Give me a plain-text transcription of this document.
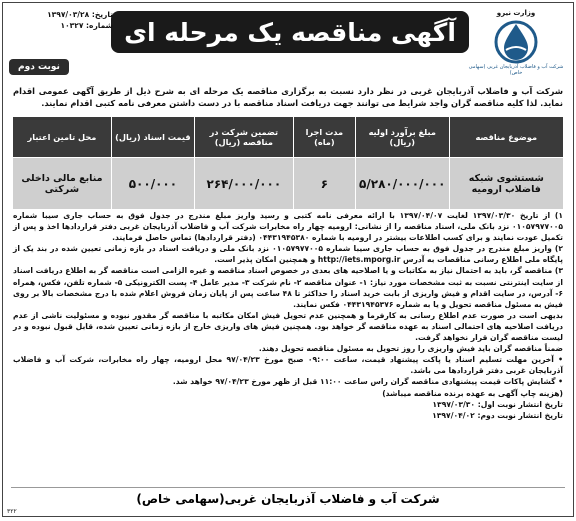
وزارت نیرو
شرکت آب و فاضلاب آذربایجان غربی (سهامی خاص)
آگهی مناقصه یک مرحله ای
تاریخ: ۱۳۹۷/۰۳/۲۸
شماره: ۱۰۳۲۷
نوبت دوم
شرکت آب و فاضلاب آذربایجان غربی در نظر دارد نسبت به برگزاری مناقصه یک مرحله ای به شرح ذیل از طریق آگهی عمومی اقدام نماید. لذا کلیه مناقصه گران واجد شرایط می توانند جهت دریافت اسناد مناقصه با در دست داشتن معرفی نامه کتبی اقدام نمایند.
موضوع مناقصه	مبلغ برآورد اولیه (ریال)	مدت اجرا (ماه)	تضمین شرکت در مناقصه (ریال)	قیمت اسناد (ریال)	محل تامین اعتبار
شستشوی شبکه فاضلاب ارومیه	۵/۲۸۰/۰۰۰/۰۰۰	۶	۲۶۴/۰۰۰/۰۰۰	۵۰۰/۰۰۰	منابع مالی داخلی شرکتی

۱) از تاریخ ۱۳۹۷/۰۳/۳۰ لغایت ۱۳۹۷/۰۴/۰۷ با ارائه معرفی نامه کتبی و رسید واریز مبلغ مندرج در جدول فوق به حساب جاری سیبا شماره ۰۱۰۵۷۹۷۷۰۰۵ نزد بانک ملی، اسناد مناقصه را از نشانی: ارومیه چهار راه مخابرات شرکت آب و فاضلاب آذربایجان غربی دفتر قراردادها اخذ و پس از تکمیل عودت نمایند و برای کسب اطلاعات بیشتر در ارومیه با شماره ۰۴۴۳۱۹۴۵۳۸۰ (دفتر قراردادها) تماس حاصل فرمایند.

۲) واریز مبلغ مندرج در جدول فوق به حساب جاری سیبا شماره ۰۱۰۵۷۹۷۷۰۰۵ نزد بانک ملی و دریافت اسناد در بازه زمانی تعیین شده در بند یک از پایگاه ملی اطلاع رسانی مناقصات به آدرس http://iets.mporg.ir و همچنین امکان پذیر است.

۳) مناقصه گر، باید به احتمال نیاز به مکاتبات و یا اصلاحیه های بعدی در خصوص اسناد مناقصه و غیره الزامی است مناقصه گر به اطلاع دریافت اسناد از سایت اینترنتی نسبت به ثبت مشخصات مورد نیاز: ۱- عنوان مناقصه ۲- نام شرکت ۳- مدیر عامل ۴- پست الکترونیکی ۵- شماره تلفن، فکس، همراه ۶- آدرس، در سایت اقدام و فیش واریزی از بابت خرید اسناد را حداکثر تا ۴۸ ساعت پس از پایان زمان فروش اعلام شده با درج مشخصات بالا بر روی فیش به مسئول مناقصه تحویل و یا به شماره ۰۴۴۳۱۹۴۵۳۷۶ فکس نمایند.

بدیهی است در صورت عدم اطلاع رسانی به کارفرما و همچنین عدم تحویل فیش امکان مکاتبه با مناقصه گر مقدور نبوده و مسئولیت ناشی از عدم دریافت اصلاحیه های احتمالی اسناد به عهده مناقصه گر خواهد بود. همچنین فیش های واریزی خارج از بازه زمانی تعیین شده، قابل قبول نبوده و در لیست مناقصه گران قرار نخواهد گرفت.

ضمناً مناقصه گران باید فیش واریزی را روز تحویل به مسئول مناقصه تحویل دهند.

• آخرین مهلت تسلیم اسناد یا پاکت پیشنهاد قیمت، ساعت ۰۹:۰۰ صبح مورخ ۹۷/۰۴/۲۳ محل ارومیه، چهار راه مخابرات، شرکت آب و فاضلاب آذربایجان غربی دفتر قراردادها می باشد.

• گشایش پاکات قیمت پیشنهادی مناقصه گران راس ساعت ۱۱:۰۰ قبل از ظهر مورخ ۹۷/۰۴/۲۳ خواهد شد.

(هزینه چاپ آگهی به عهده برنده مناقصه میباشد)

تاریخ انتشار نوبت اول: ۱۳۹۷/۰۳/۳۰

تاریخ انتشار نوبت دوم: ۱۳۹۷/۰۴/۰۲

شرکت آب و فاضلاب آذربایجان غربی(سهامی خاص)
۳۲۲
